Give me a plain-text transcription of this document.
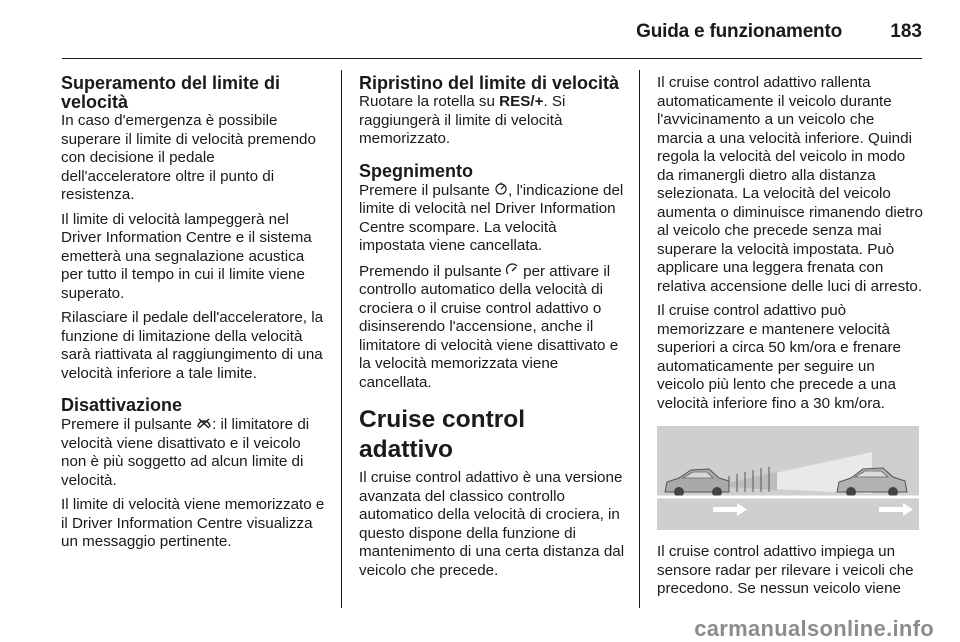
Guida e funzionamento	183
Superamento del limite di velocità

In caso d'emergenza è possibile superare il limite di velocità premendo con decisione il pedale dell'acceleratore oltre il punto di resistenza.

Il limite di velocità lampeggerà nel Driver Information Centre e il sistema emetterà una segnalazione acustica per tutto il tempo in cui il limite viene superato.

Rilasciare il pedale dell'acceleratore, la funzione di limitazione della velocità sarà riattivata al raggiungimento di una velocità inferiore a tale limite.

Disattivazione

Premere il pulsante : il limitatore di velocità viene disattivato e il veicolo non è più soggetto ad alcun limite di velocità.

Il limite di velocità viene memorizzato e il Driver Information Centre visualizza un messaggio pertinente.

Ripristino del limite di velocità

Ruotare la rotella su RES/+. Si raggiungerà il limite di velocità memorizzato.

Spegnimento

Premere il pulsante , l'indicazione del limite di velocità nel Driver Information Centre scompare. La velocità impostata viene cancellata.

Premendo il pulsante  per attivare il controllo automatico della velocità di crociera o il cruise control adattivo o disinserendo l'accensione, anche il limitatore di velocità viene disattivato e la velocità memorizzata viene cancellata.

Cruise control adattivo

Il cruise control adattivo è una versione avanzata del classico controllo automatico della velocità di crociera, in questo dispone della funzione di mantenimento di una certa distanza dal veicolo che precede.

Il cruise control adattivo rallenta automaticamente il veicolo durante l'avvicinamento a un veicolo che marcia a una velocità inferiore. Quindi regola la velocità del veicolo in modo da rimanergli dietro alla distanza selezionata. La velocità del veicolo aumenta o diminuisce rimanendo dietro al veicolo che precede senza mai superare la velocità impostata. Può applicare una leggera frenata con relativa accensione delle luci di arresto.

Il cruise control adattivo può memorizzare e mantenere velocità superiori a circa 50 km/ora e frenare automaticamente per seguire un veicolo più lento che precede a una velocità inferiore fino a 30 km/ora.

Il cruise control adattivo impiega un sensore radar per rilevare i veicoli che precedono. Se nessun veicolo viene

carmanualsonline.info
